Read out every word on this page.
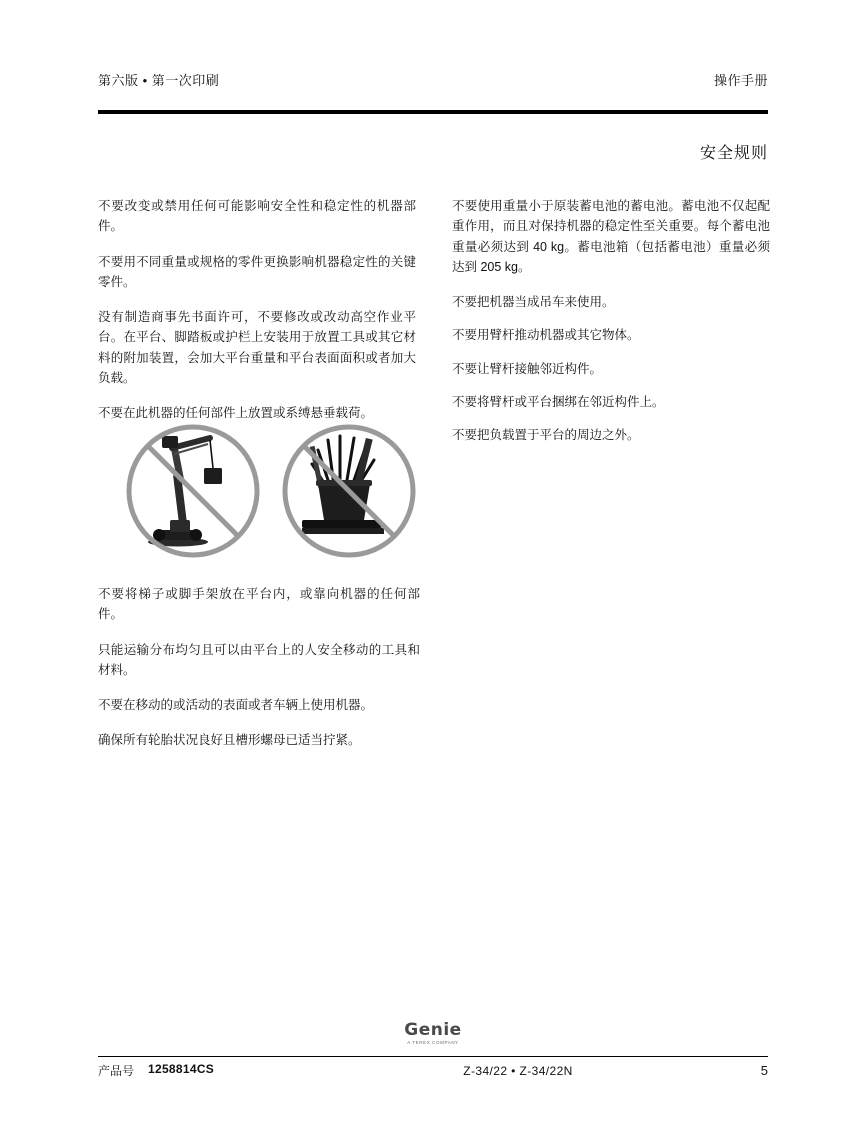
第六版 • 第一次印刷	操作手册
安全规则

不要改变或禁用任何可能影响安全性和稳定性的机器部件。

不要用不同重量或规格的零件更换影响机器稳定性的关键零件。

没有制造商事先书面许可，不要修改或改动高空作业平台。在平台、脚踏板或护栏上安装用于放置工具或其它材料的附加装置，会加大平台重量和平台表面面积或者加大负载。

不要在此机器的任何部件上放置或系缚悬垂载荷。

不要使用重量小于原装蓄电池的蓄电池。蓄电池不仅起配重作用，而且对保持机器的稳定性至关重要。每个蓄电池重量必须达到 40 kg。蓄电池箱（包括蓄电池）重量必须达到 205 kg。

不要把机器当成吊车来使用。

不要用臂杆推动机器或其它物体。

不要让臂杆接触邻近构件。

不要将臂杆或平台捆绑在邻近构件上。

不要把负载置于平台的周边之外。

不要将梯子或脚手架放在平台内，或靠向机器的任何部件。

只能运输分布均匀且可以由平台上的人安全移动的工具和材料。

不要在移动的或活动的表面或者车辆上使用机器。

确保所有轮胎状况良好且槽形螺母已适当拧紧。

Genie
A TEREX COMPANY
产品号 1258814CS	Z-34/22 • Z-34/22N	5
